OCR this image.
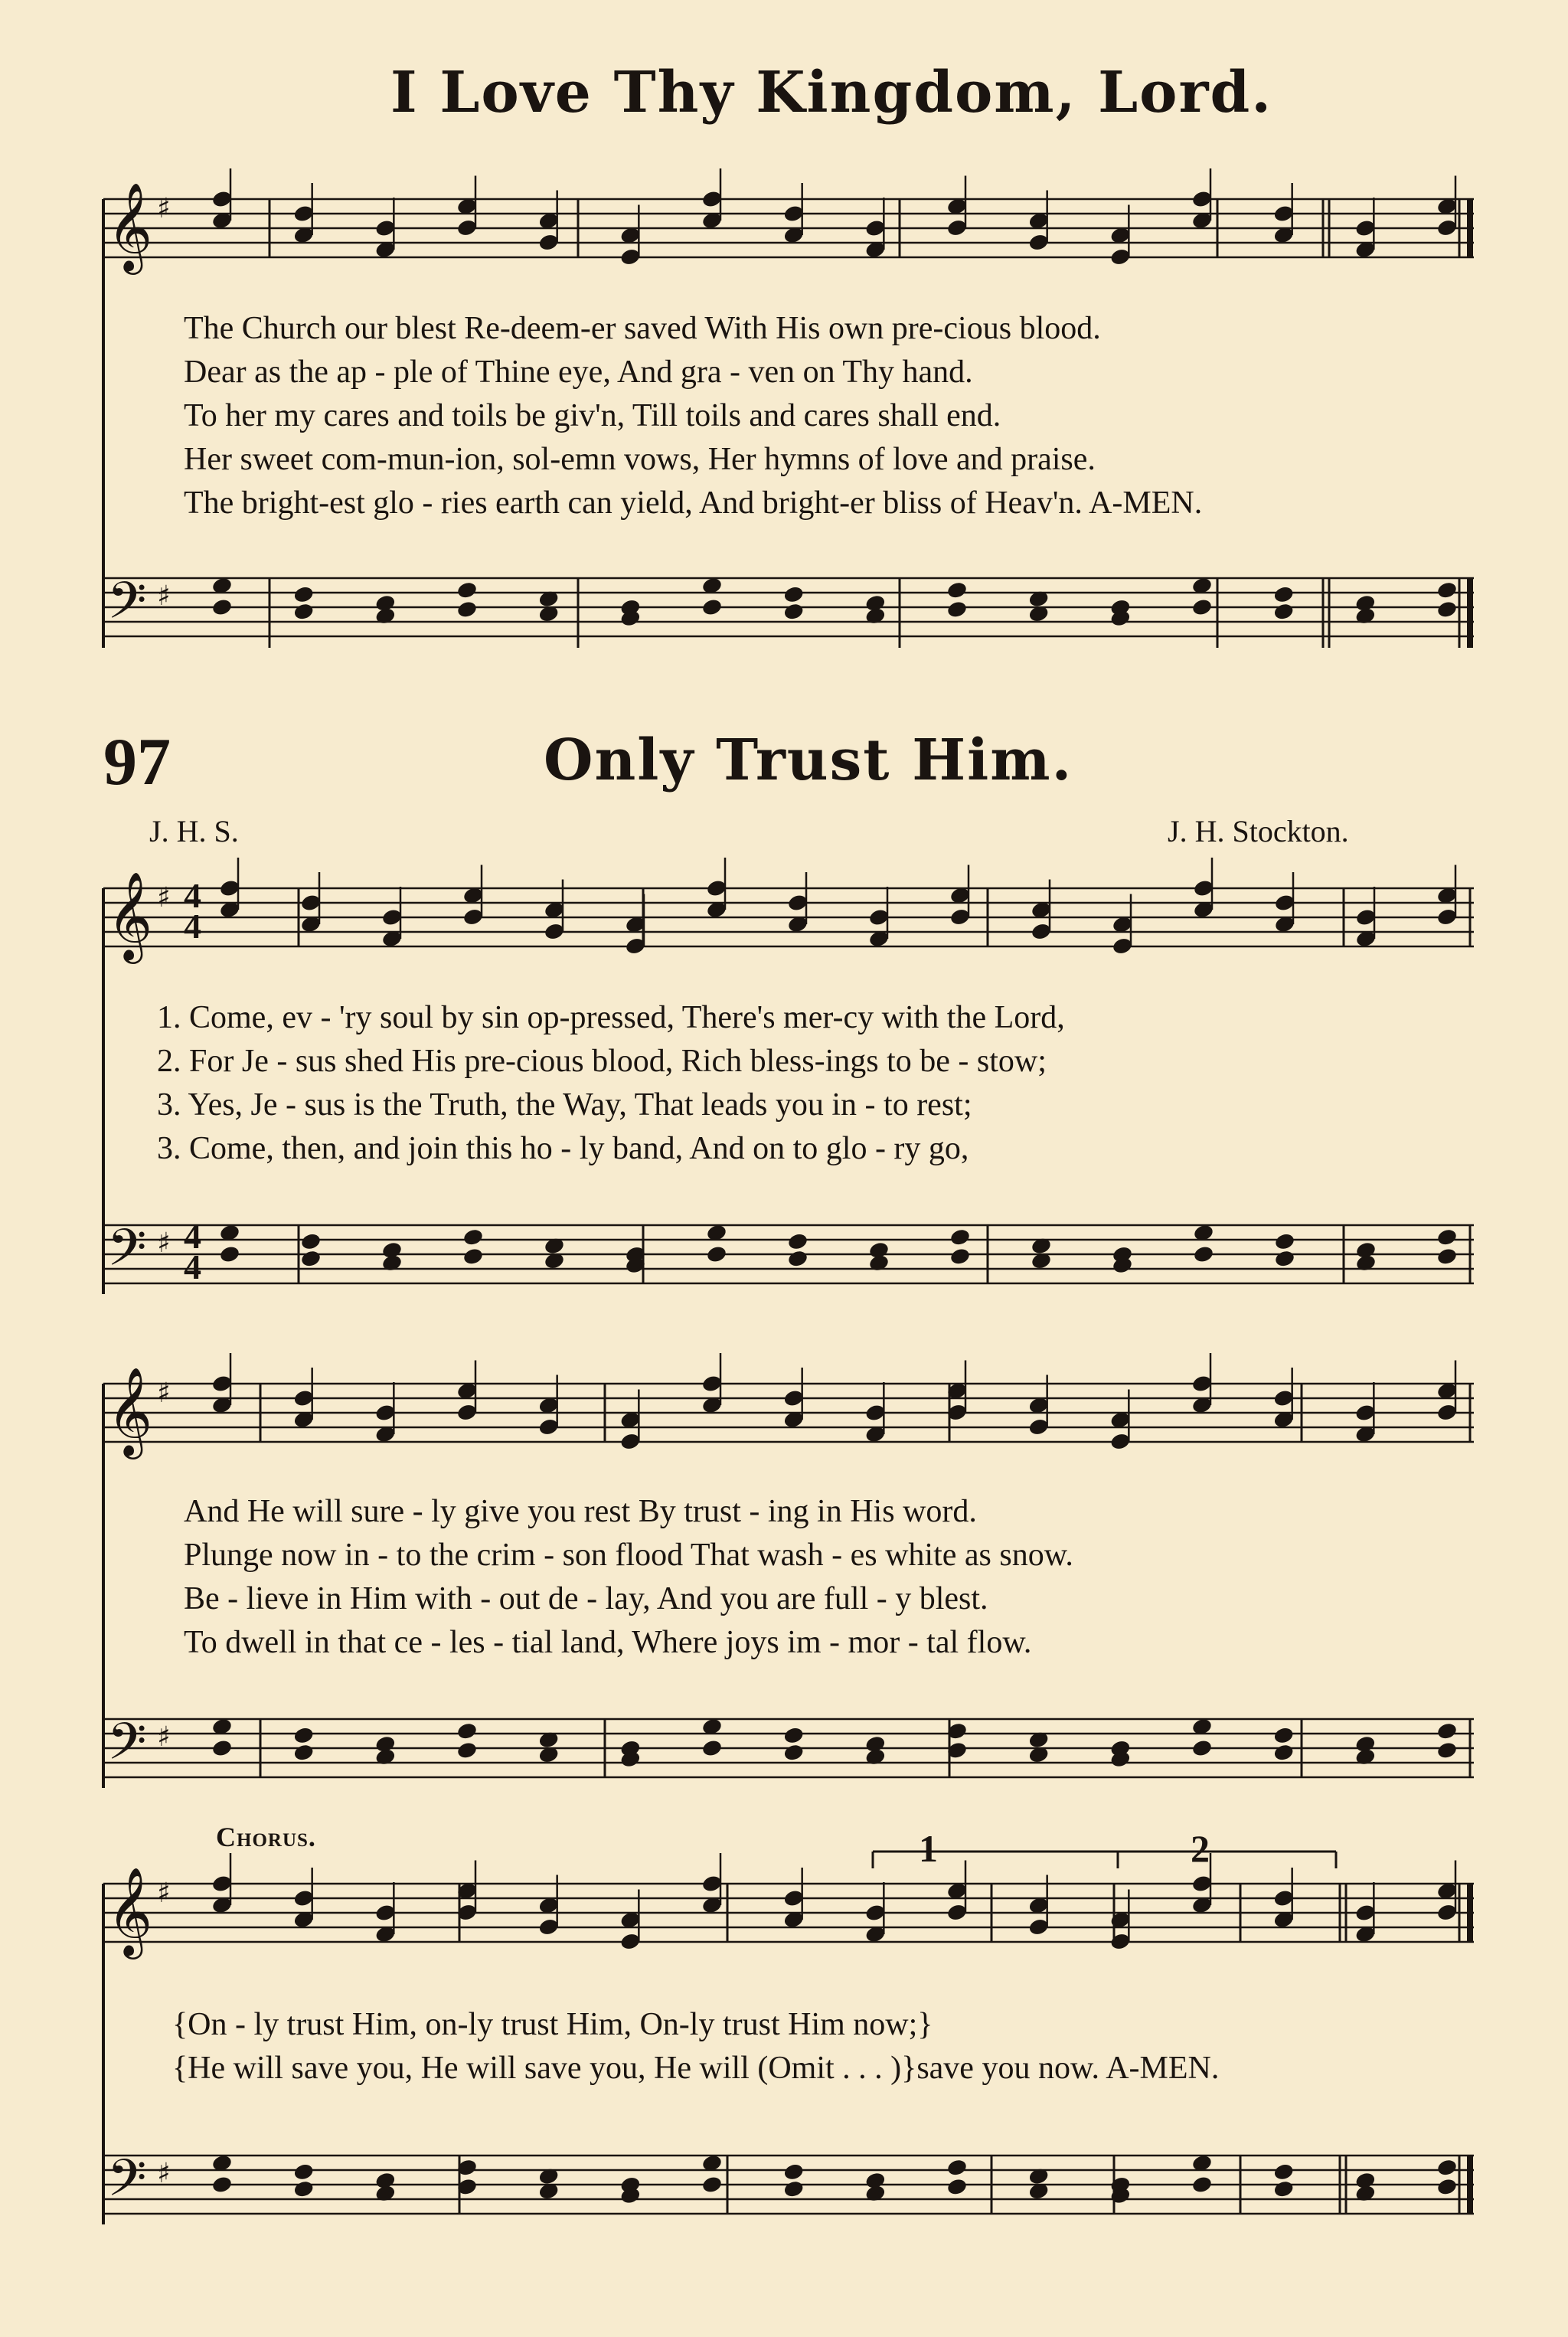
I Love Thy Kingdom, Lord.
𝄞 ♯
𝄢 ♯
𝄞 ♯
𝄢 ♯
𝄞 ♯
𝄢 ♯
𝄞 ♯
𝄢 ♯
The Church our blest Re-deem-er saved With His own pre-cious blood.
Dear as the ap - ple of Thine eye, And gra - ven on Thy hand.
To her my cares and toils be giv'n, Till toils and cares shall end.
Her sweet com-mun-ion, sol-emn vows, Her hymns of love and praise.
The bright-est glo - ries earth can yield, And bright-er bliss of Heav'n. A-MEN.
97	Only Trust Him.
J. H. S.	J. H. Stockton.
4
4
4
4
1. Come, ev - 'ry soul by sin op-pressed, There's mer-cy with the Lord,
2. For Je - sus shed His pre-cious blood, Rich bless-ings to be - stow;
3. Yes, Je - sus is the Truth, the Way, That leads you in - to rest;
3. Come, then, and join this ho - ly band, And on to glo - ry go,
And He will sure - ly give you rest By trust - ing in His word.
Plunge now in - to the crim - son flood That wash - es white as snow.
Be - lieve in Him with - out de - lay, And you are full - y blest.
To dwell in that ce - les - tial land, Where joys im - mor - tal flow.
Chorus.	1	2
{On - ly trust Him, on-ly trust Him, On-ly trust Him now;}
{He will save you, He will save you, He will (Omit . . . )}save you now. A-MEN.
